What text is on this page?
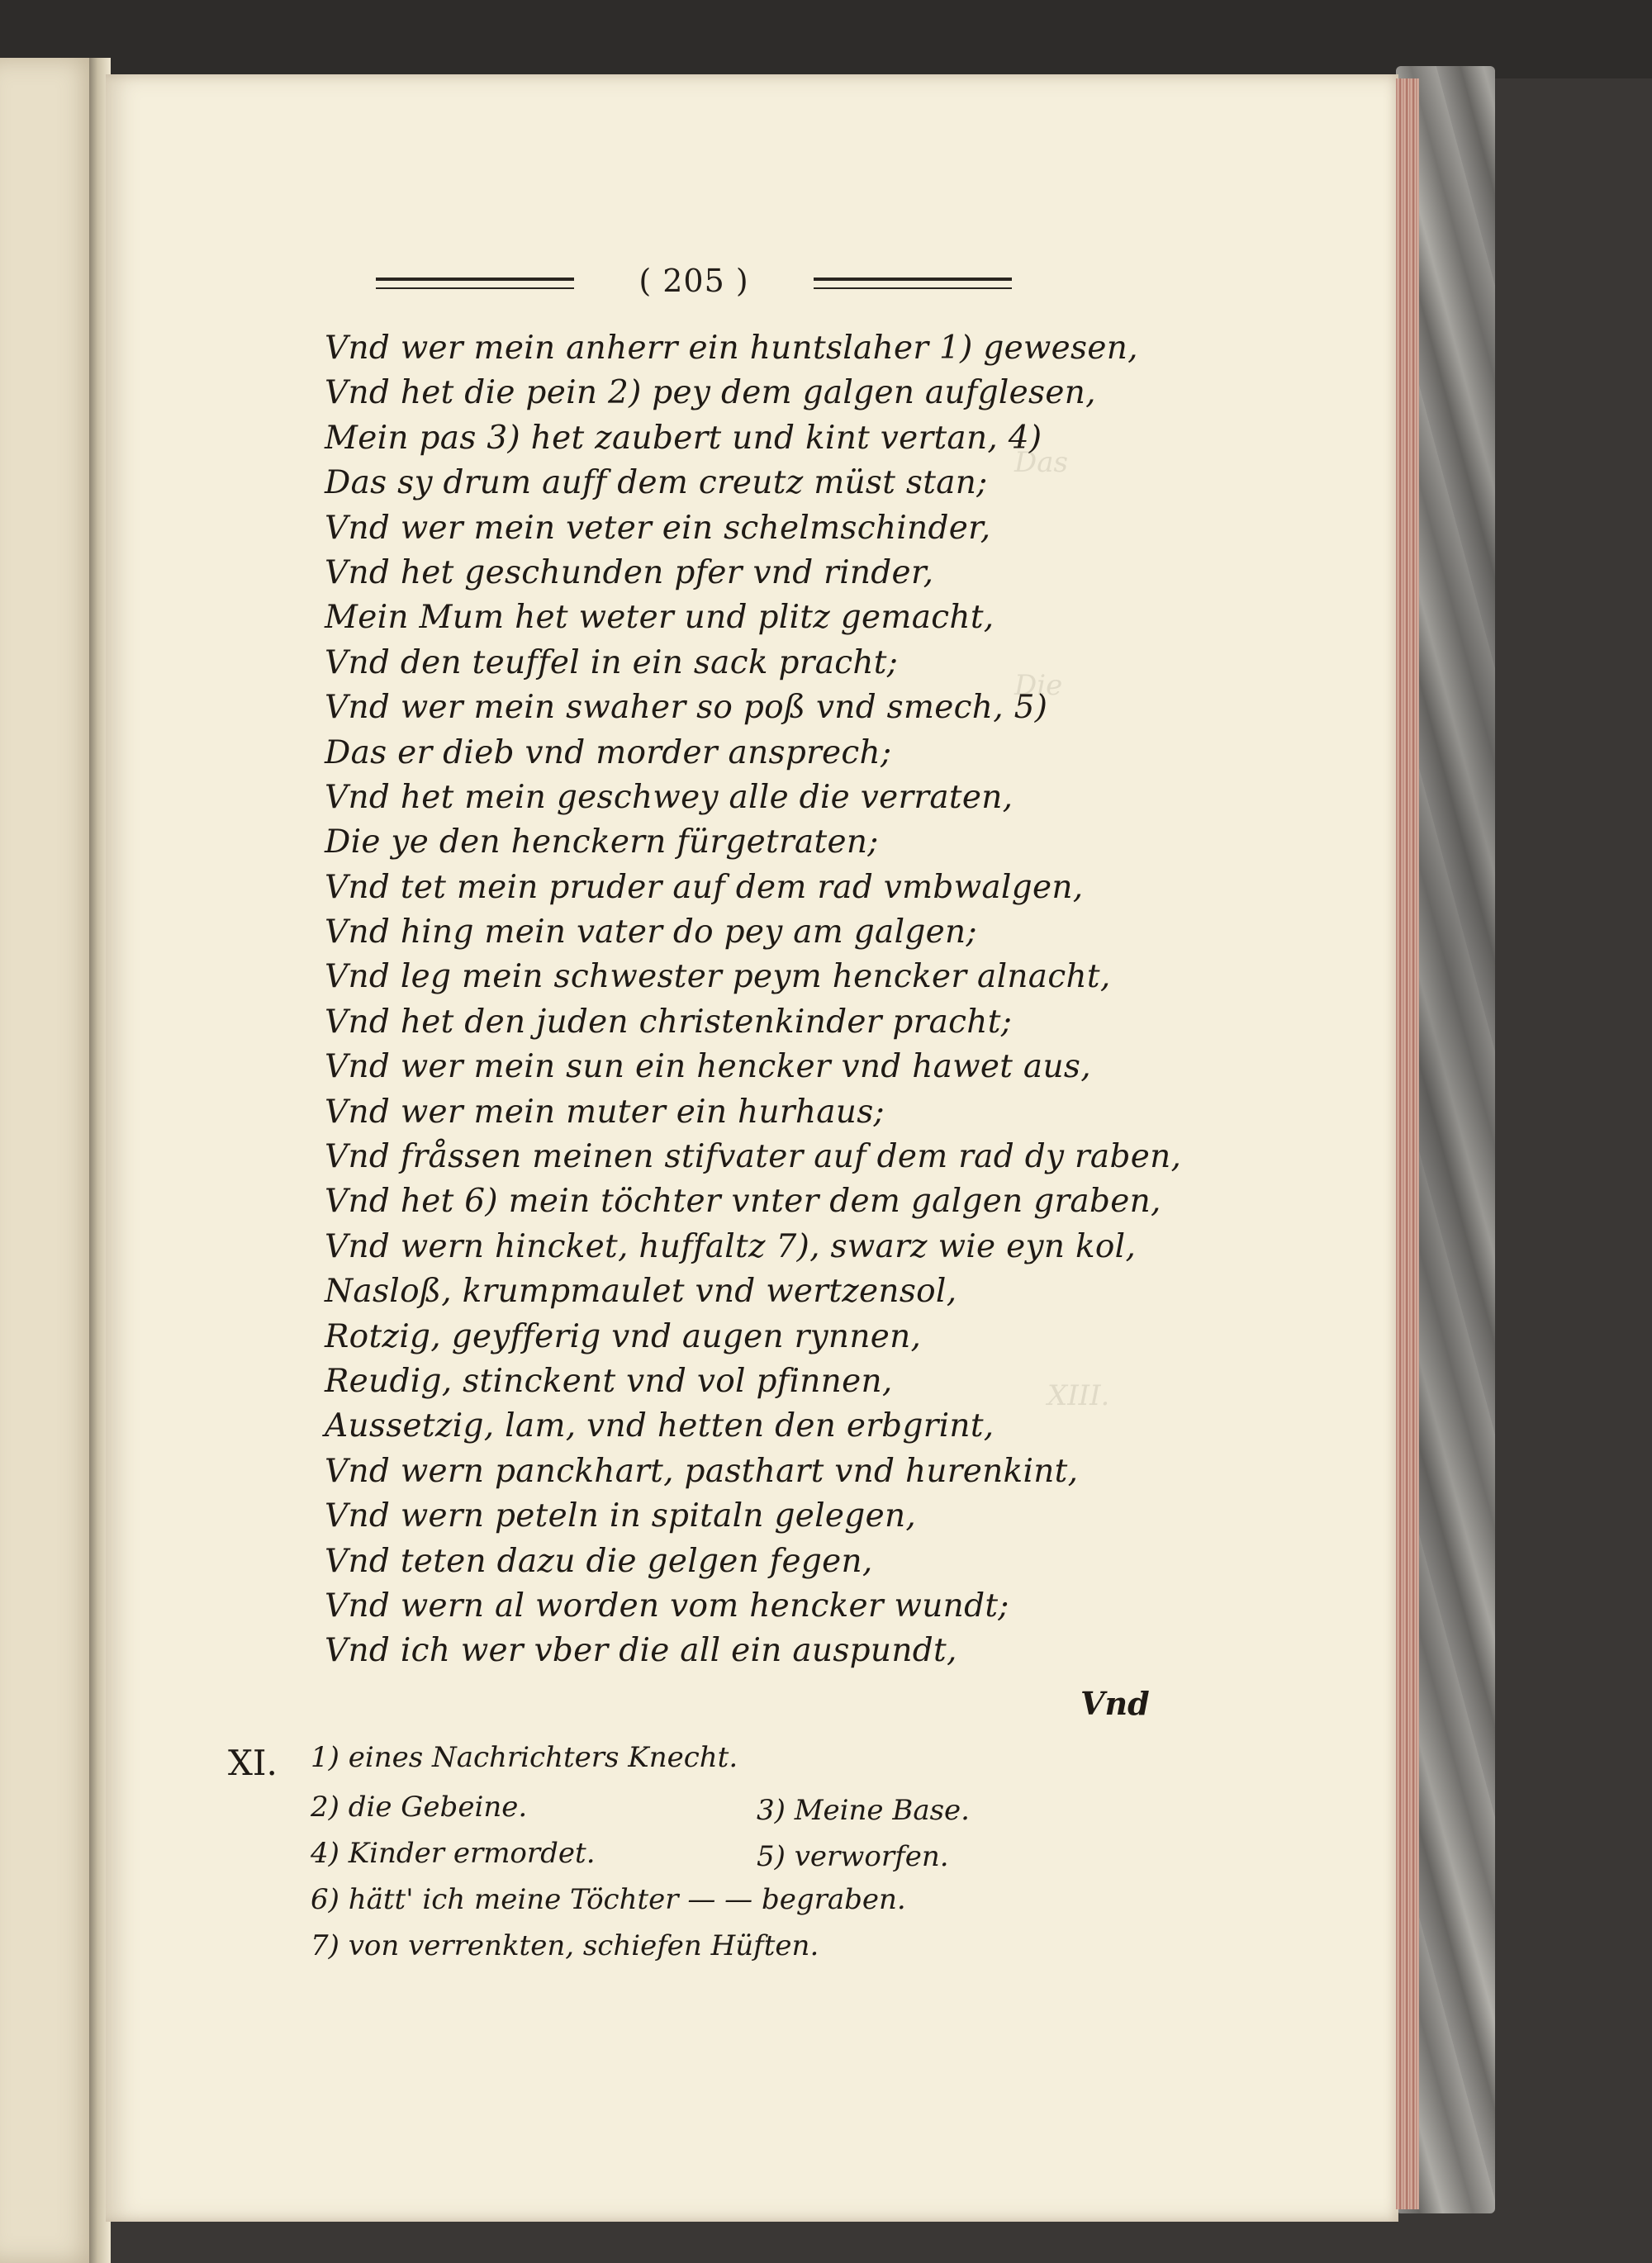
Das
Die
XIII.
( 205 )
Vnd wer mein anherr ein huntslaher 1) gewesen,
Vnd het die pein 2) pey dem galgen aufglesen,
Mein pas 3) het zaubert und kint vertan, 4)
Das sy drum auff dem creutz müst stan;
Vnd wer mein veter ein schelmschinder,
Vnd het geschunden pfer vnd rinder,
Mein Mum het weter und plitz gemacht,
Vnd den teuffel in ein sack pracht;
Vnd wer mein swaher so poß vnd smech, 5)
Das er dieb vnd morder ansprech;
Vnd het mein geschwey alle die verraten,
Die ye den henckern fürgetraten;
Vnd tet mein pruder auf dem rad vmbwalgen,
Vnd hing mein vater do pey am galgen;
Vnd leg mein schwester peym hencker alnacht,
Vnd het den juden christenkinder pracht;
Vnd wer mein sun ein hencker vnd hawet aus,
Vnd wer mein muter ein hurhaus;
Vnd fråssen meinen stifvater auf dem rad dy raben,
Vnd het 6) mein töchter vnter dem galgen graben,
Vnd wern hincket, huffaltz 7), swarz wie eyn kol,
Nasloß, krumpmaulet vnd wertzensol,
Rotzig, geyfferig vnd augen rynnen,
Reudig, stinckent vnd vol pfinnen,
Aussetzig, lam, vnd hetten den erbgrint,
Vnd wern panckhart, pasthart vnd hurenkint,
Vnd wern peteln in spitaln gelegen,
Vnd teten dazu die gelgen fegen,
Vnd wern al worden vom hencker wundt;
Vnd ich wer vber die all ein auspundt,
Vnd
XI. 1) eines Nachrichters Knecht.
2) die Gebeine.	3) Meine Base.
4) Kinder ermordet.	5) verworfen.
6) hätt' ich meine Töchter — — begraben.
7) von verrenkten, schiefen Hüften.
